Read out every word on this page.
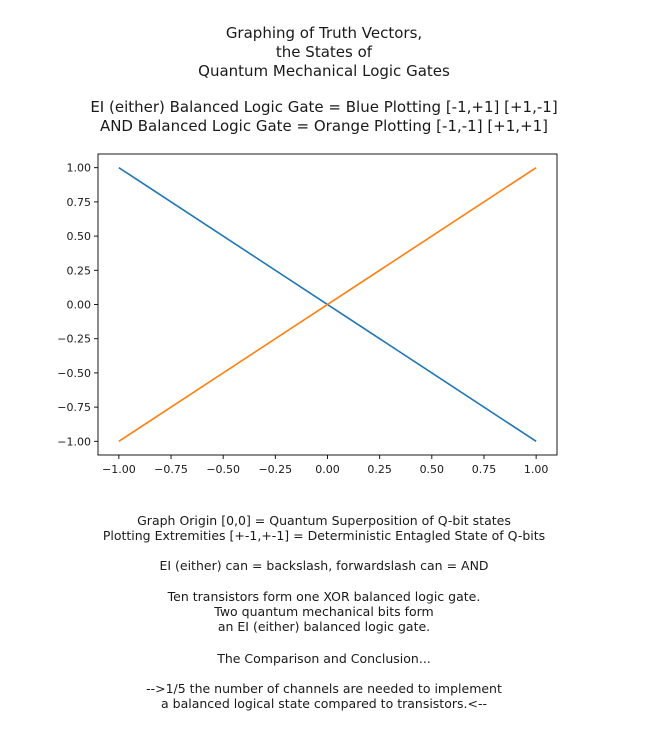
Graphing of Truth Vectors,
the States of
Quantum Mechanical Logic Gates
EI (either) Balanced Logic Gate = Blue Plotting [-1,+1] [+1,-1]
AND Balanced Logic Gate = Orange Plotting [-1,-1] [+1,+1]
−1.00 −0.75 −0.50 −0.25 0.00	0.25	0.50	0.75	1.00
−1.00
−0.75
−0.50
−0.25
0.00
0.25
0.50
0.75
1.00
Graph Origin [0,0] = Quantum Superposition of Q-bit states
Plotting Extremities [+-1,+-1] = Deterministic Entagled State of Q-bits
EI (either) can = backslash, forwardslash can = AND
Ten transistors form one XOR balanced logic gate.
Two quantum mechanical bits form
an EI (either) balanced logic gate.
The Comparison and Conclusion...
-->1/5 the number of channels are needed to implement
a balanced logical state compared to transistors.<--
